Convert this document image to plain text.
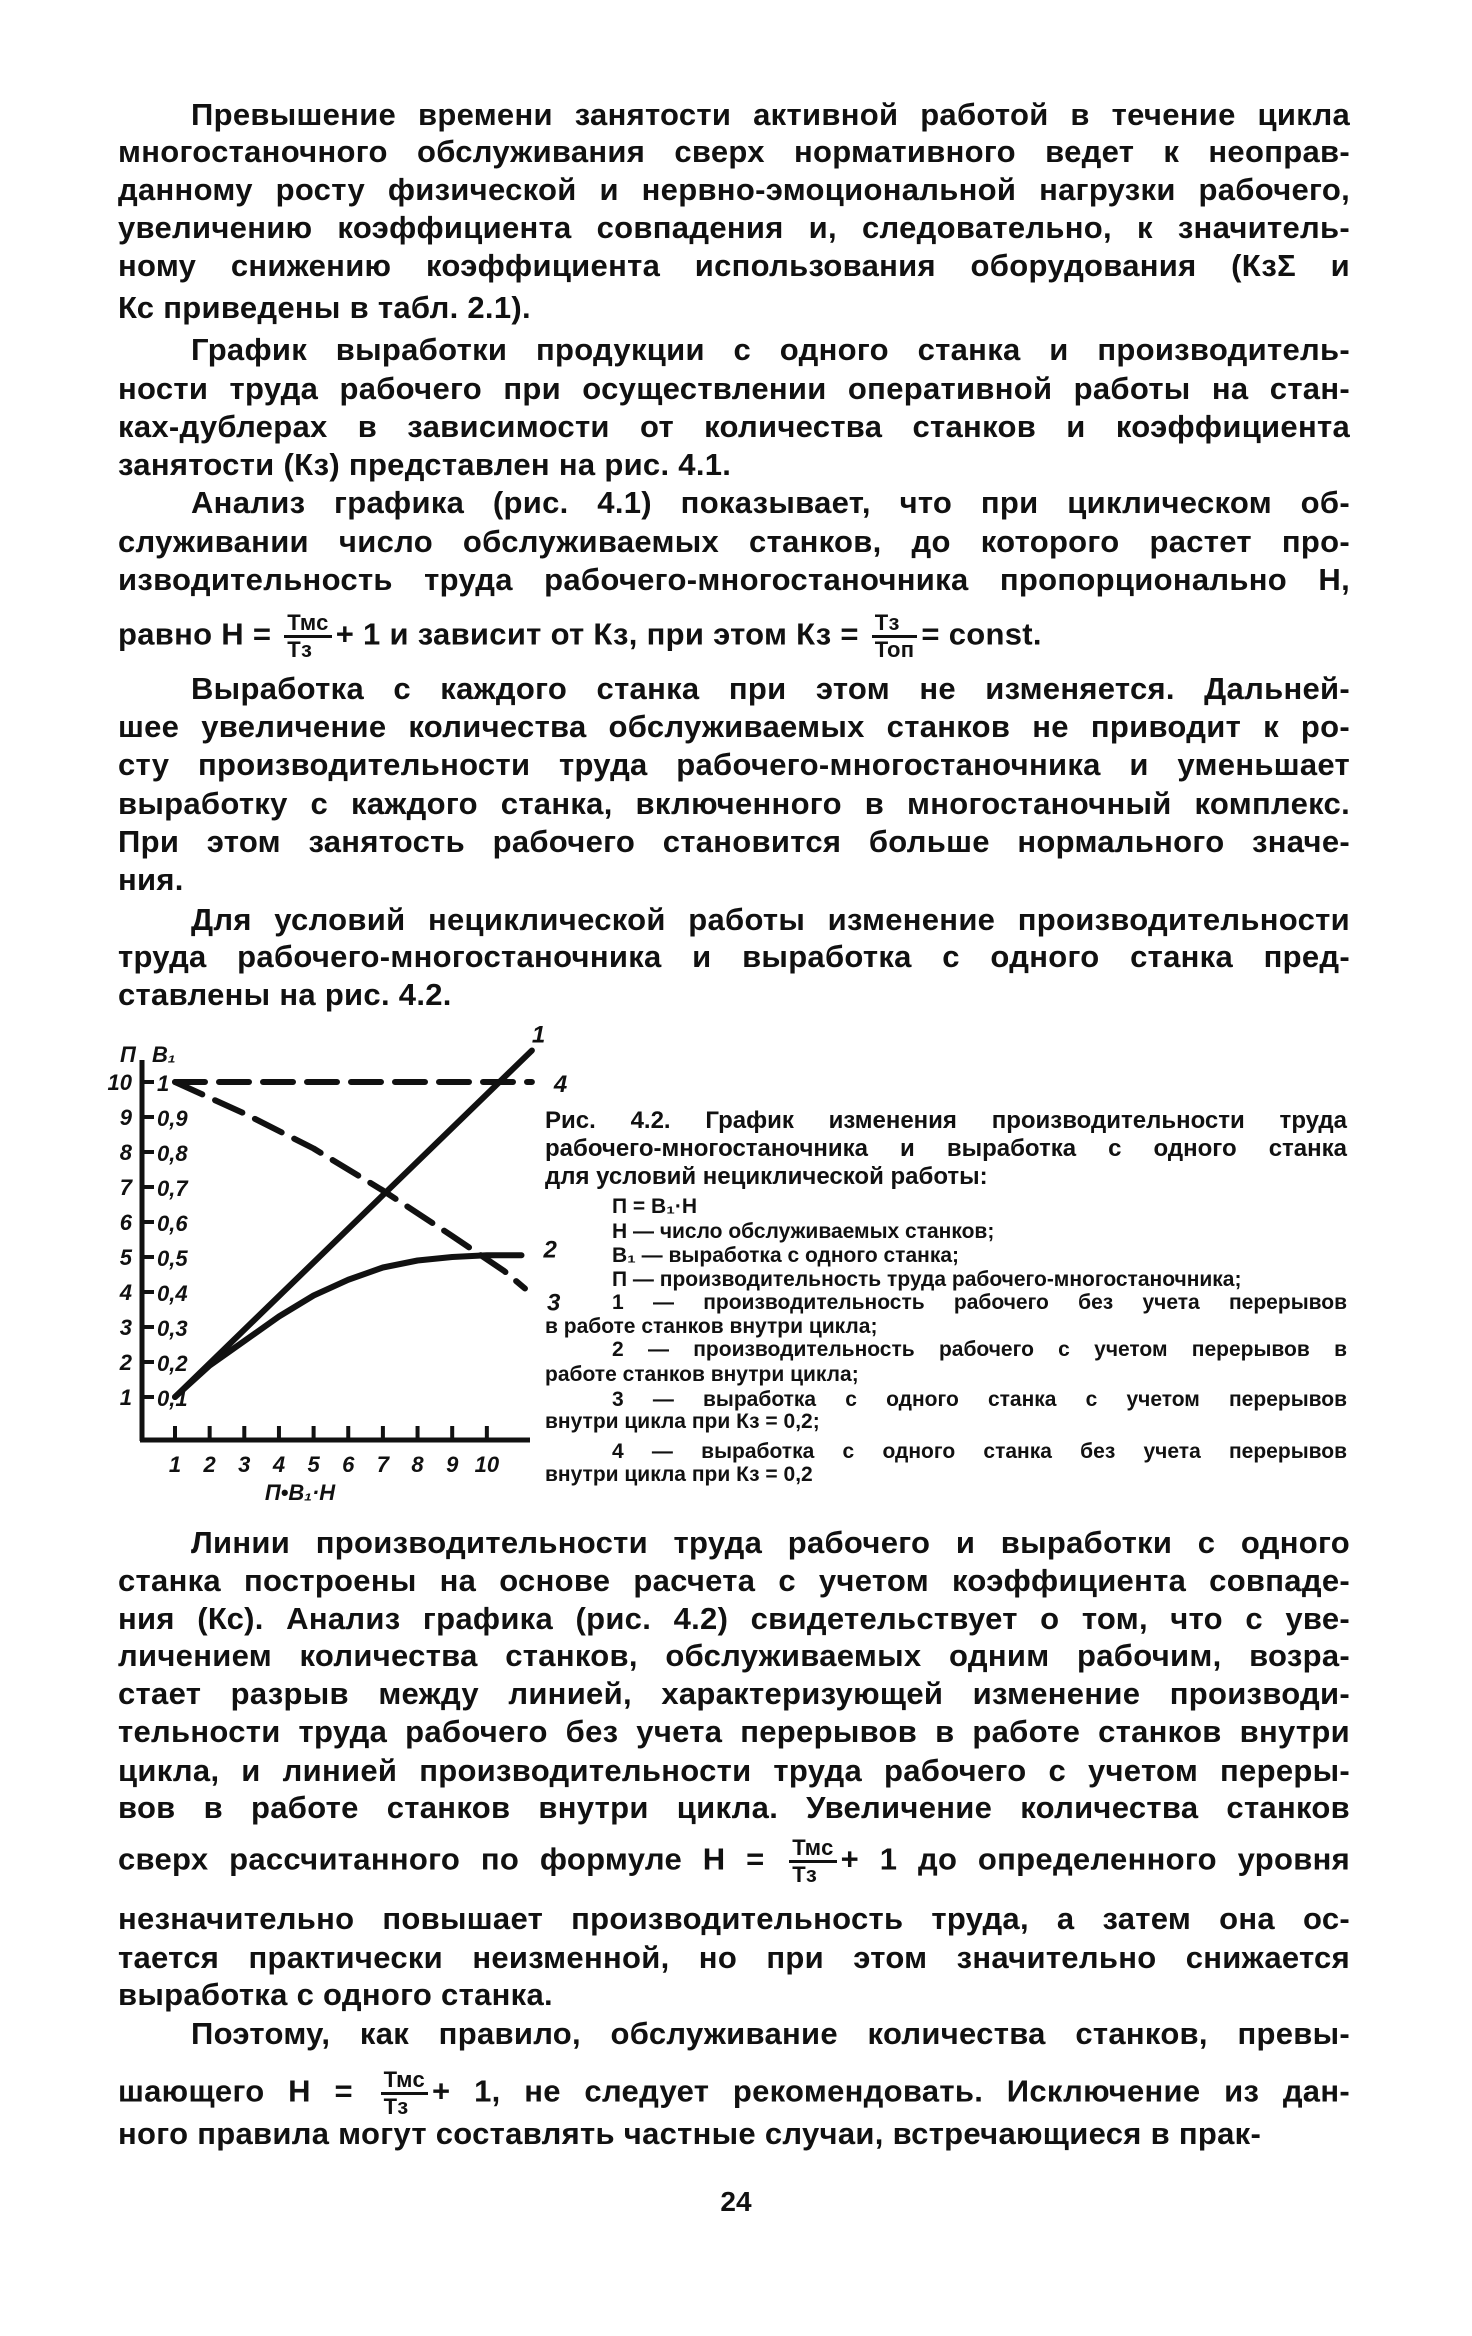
Превышение времени занятости активной работой в течение цикла
многостаночного обслуживания сверх нормативного ведет к неоправ-
данному росту физической и нервно-эмоциональной нагрузки рабочего,
увеличению коэффициента совпадения и, следовательно, к значитель-
ному снижению коэффициента использования оборудования (КзΣ и
Кс приведены в табл. 2.1).
График выработки продукции с одного станка и производитель-
ности труда рабочего при осуществлении оперативной работы на стан-
ках-дублерах в зависимости от количества станков и коэффициента
занятости (Кз) представлен на рис. 4.1.
Анализ графика (рис. 4.1) показывает, что при циклическом об-
служивании число обслуживаемых станков, до которого растет про-
изводительность труда рабочего-многостаночника пропорционально Н,
равно $Н = \frac{\text{Тмс}}{Тз} + 1$ и зависит от Кз, при этом Кз = $\frac{Тз}{\text{Топ}}$ = const.
Выработка с каждого станка при этом не изменяется. Дальней-
шее увеличение количества обслуживаемых станков не приводит к ро-
сту производительности труда рабочего-многостаночника и уменьшает
выработку с каждого станка, включенного в многостаночный комплекс.
При этом занятость рабочего становится больше нормального значе-
ния.
Для условий нециклической работы изменение производительности
труда рабочего-многостаночника и выработка с одного станка пред-
ставлены на рис. 4.2.
Линии производительности труда рабочего и выработки с одного
станка построены на основе расчета с учетом коэффициента совпаде-
ния (Кс). Анализ графика (рис. 4.2) свидетельствует о том, что с уве-
личением количества станков, обслуживаемых одним рабочим, возра-
стает разрыв между линией, характеризующей изменение производи-
тельности труда рабочего без учета перерывов в работе станков внутри
цикла, и линией производительности труда рабочего с учетом переры-
вов в работе станков внутри цикла. Увеличение количества станков
сверх рассчитанного по формуле $Н = \frac{\text{Тмс}}{Тз} + 1$ до определенного уровня
незначительно повышает производительность труда, а затем она ос-
тается практически неизменной, но при этом значительно снижается
выработка с одного станка.
Поэтому, как правило, обслуживание количества станков, превы-
шающего $Н = \frac{\text{Тмс}}{Тз} + 1$, не следует рекомендовать. Исключение из дан-
ного правила могут составлять частные случаи, встречающиеся в прак-
Рис. 4.2. График изменения производительности труда
рабочего-многостаночника и выработка с одного станка
для условий нециклической работы:
П = В₁·Н
Н — число обслуживаемых станков;
В₁ — выработка с одного станка;
П — производительность труда рабочего-многостаночника;
1 — производительность рабочего без учета перерывов
в работе станков внутри цикла;
2 — производительность рабочего с учетом перерывов в
работе станков внутри цикла;
3 — выработка с одного станка с учетом перерывов
внутри цикла при Кз = 0,2;
4 — выработка с одного станка без учета перерывов
внутри цикла при Кз = 0,2
1 2 3 4 5 6 7 8 9 10
1 0,1
2 0,2
3 0,3
4 0,4
5 0,5
6 0,6
7 0,7
8 0,8
9 0,9
10 1
П В₁
П•В₁·Н
1
2
3
4
24
